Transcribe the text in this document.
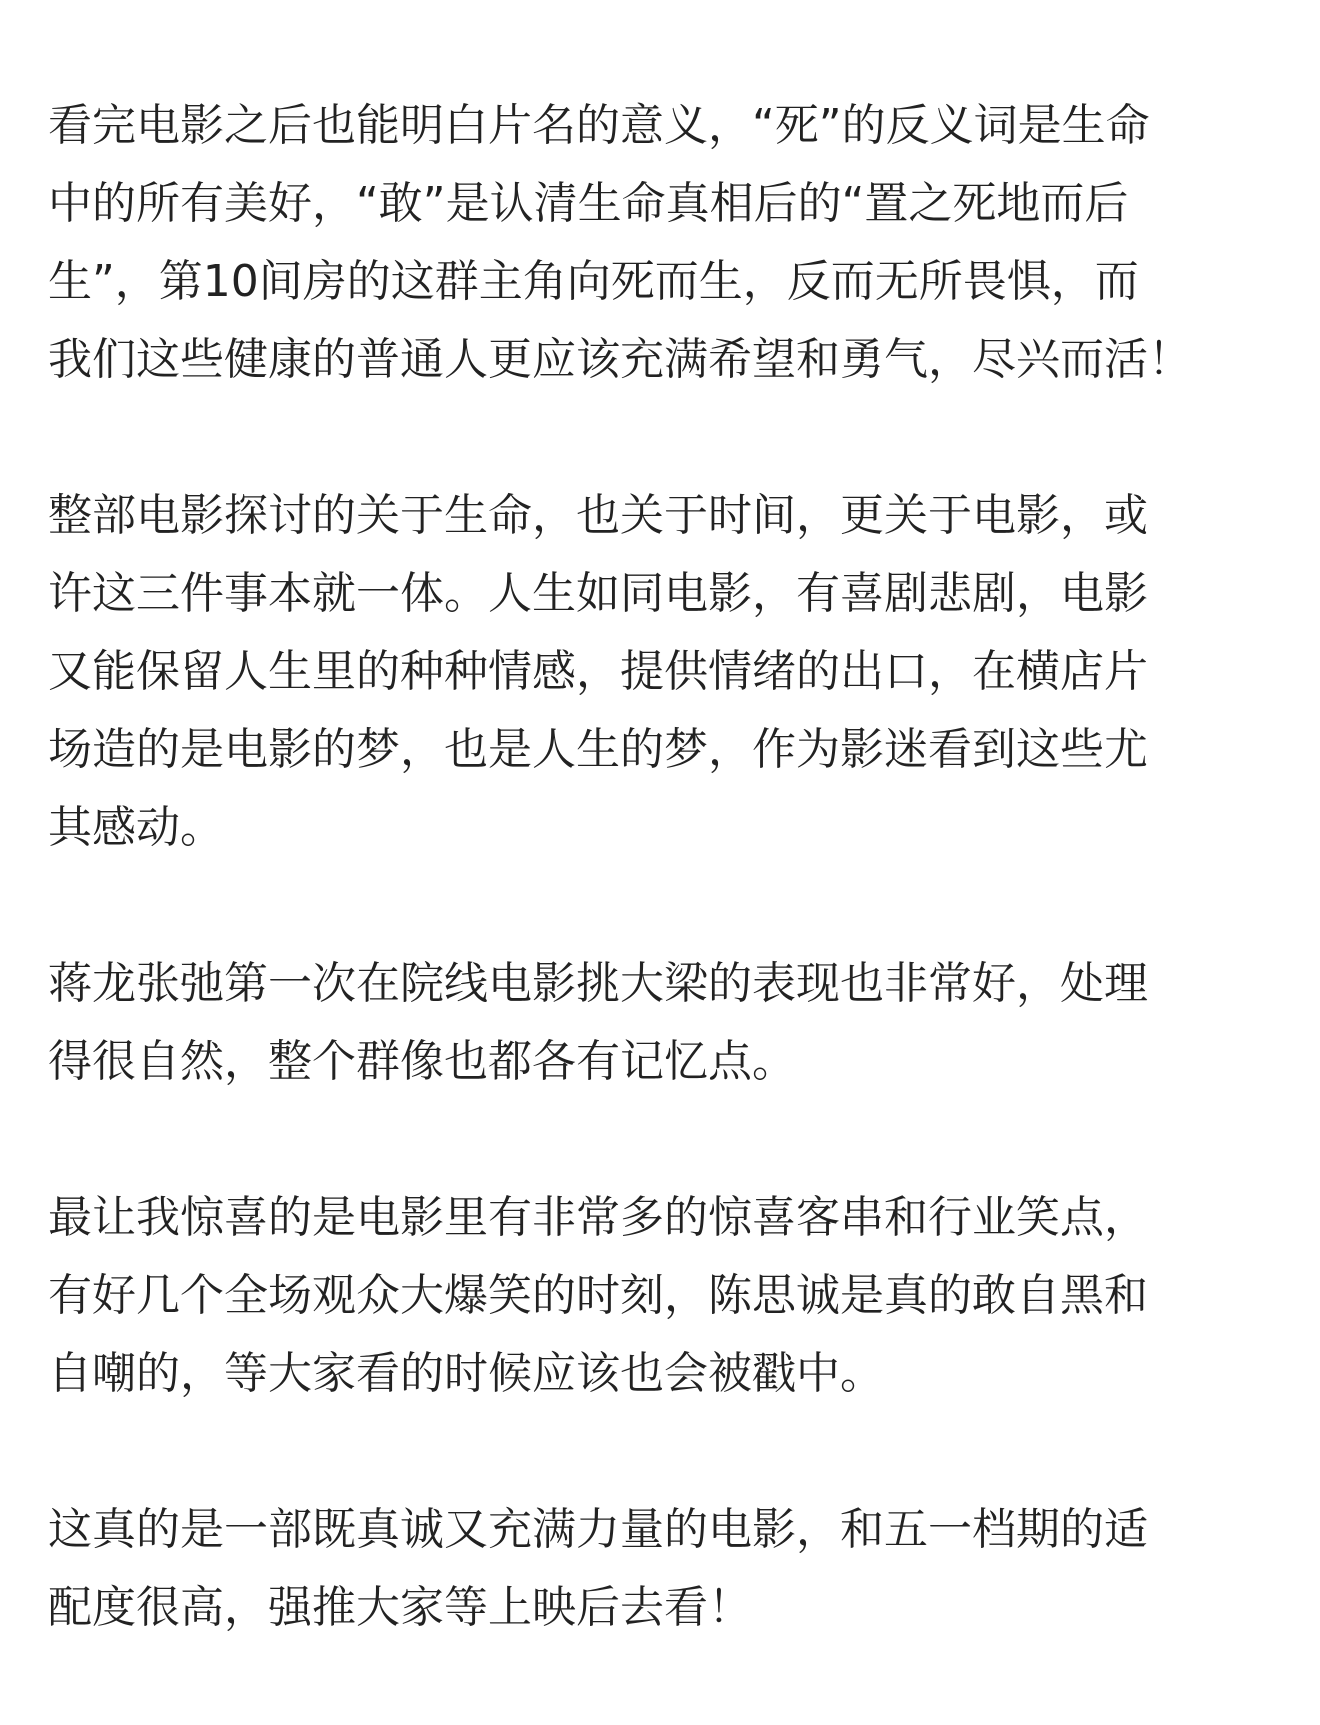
看完电影之后也能明白片名的意义，“死”的反义词是生命
中的所有美好，“敢”是认清生命真相后的“置之死地而后
生”，第10间房的这群主角向死而生，反而无所畏惧，而
我们这些健康的普通人更应该充满希望和勇气，尽兴而活！

整部电影探讨的关于生命，也关于时间，更关于电影，或
许这三件事本就一体。人生如同电影，有喜剧悲剧，电影
又能保留人生里的种种情感，提供情绪的出口，在横店片
场造的是电影的梦，也是人生的梦，作为影迷看到这些尤
其感动。

蒋龙张弛第一次在院线电影挑大梁的表现也非常好，处理
得很自然，整个群像也都各有记忆点。

最让我惊喜的是电影里有非常多的惊喜客串和行业笑点，
有好几个全场观众大爆笑的时刻，陈思诚是真的敢自黑和
自嘲的，等大家看的时候应该也会被戳中。

这真的是一部既真诚又充满力量的电影，和五一档期的适
配度很高，强推大家等上映后去看！
